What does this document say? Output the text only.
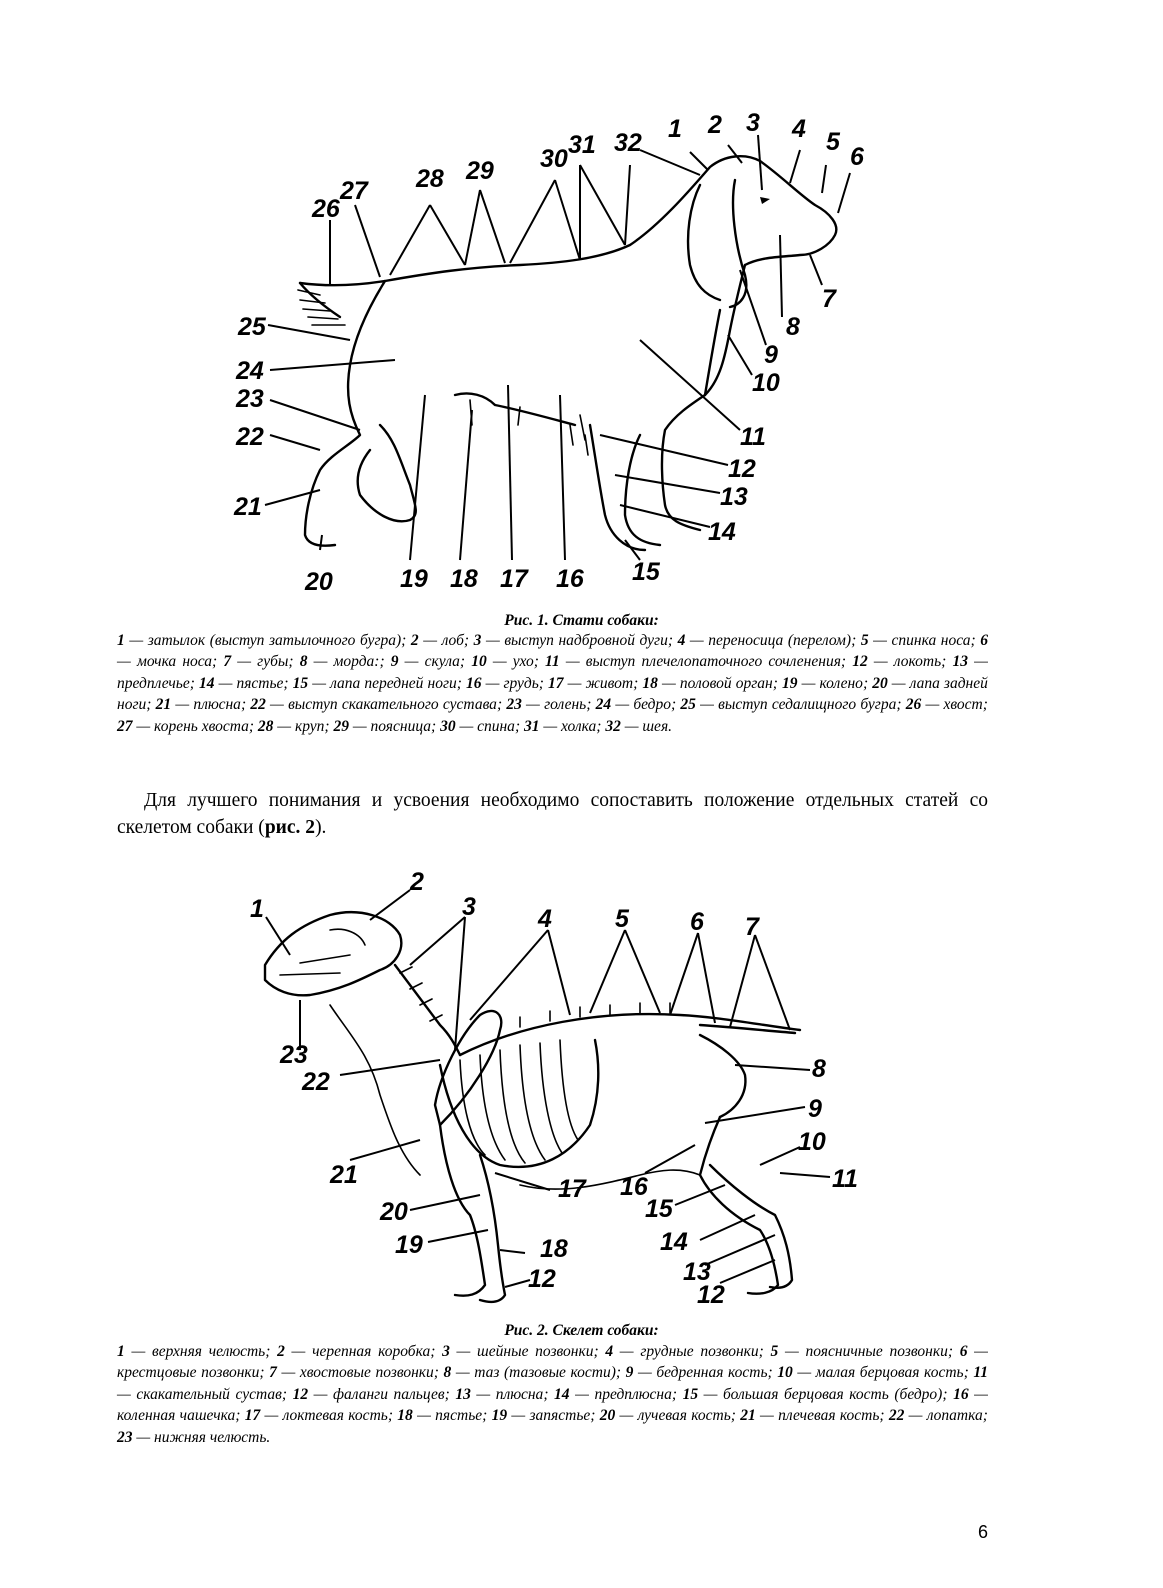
1 2 3 4 5
6
7
8
9
10
11
12
13
14
15
16
17
18
19
20
21
22
23
24
25
26
27 28 29 30 31 32
Рис. 1. Стати собаки:
1 — затылок (выступ затылочного бугра); 2 — лоб; 3 — выступ надбровной дуги; 4 — переносица (перелом); 5 — спинка носа; 6 — мочка носа; 7 — губы; 8 — морда:; 9 — скула; 10 — ухо; 11 — выступ плечелопаточного сочленения; 12 — локоть; 13 — предплечье; 14 — пястье; 15 — лапа передней ноги; 16 — грудь; 17 — живот; 18 — половой орган; 19 — колено; 20 — лапа задней ноги; 21 — плюсна; 22 — выступ скакательного сустава; 23 — голень; 24 — бедро; 25 — выступ седалищного бугра; 26 — хвост; 27 — корень хвоста; 28 — круп; 29 — поясница; 30 — спина; 31 — холка; 32 — шея.
Для лучшего понимания и усвоения необходимо сопоставить положение отдельных статей со скелетом собаки (рис. 2).
1
2
3 4	5 6 7
8
9
10
11
12
12
13
14
15
16
17
18
19
20
21
22
23
Рис. 2. Скелет собаки:
1 — верхняя челюсть; 2 — черепная коробка; 3 — шейные позвонки; 4 — грудные позвонки; 5 — поясничные позвонки; 6 — крестцовые позвонки; 7 — хвостовые позвонки; 8 — таз (тазовые кости); 9 — бедренная кость; 10 — малая берцовая кость; 11 — скакательный сустав; 12 — фаланги пальцев; 13 — плюсна; 14 — предплюсна; 15 — большая берцовая кость (бедро); 16 — коленная чашечка; 17 — локтевая кость; 18 — пястье; 19 — запястье; 20 — лучевая кость; 21 — плечевая кость; 22 — лопатка; 23 — нижняя челюсть.
6
